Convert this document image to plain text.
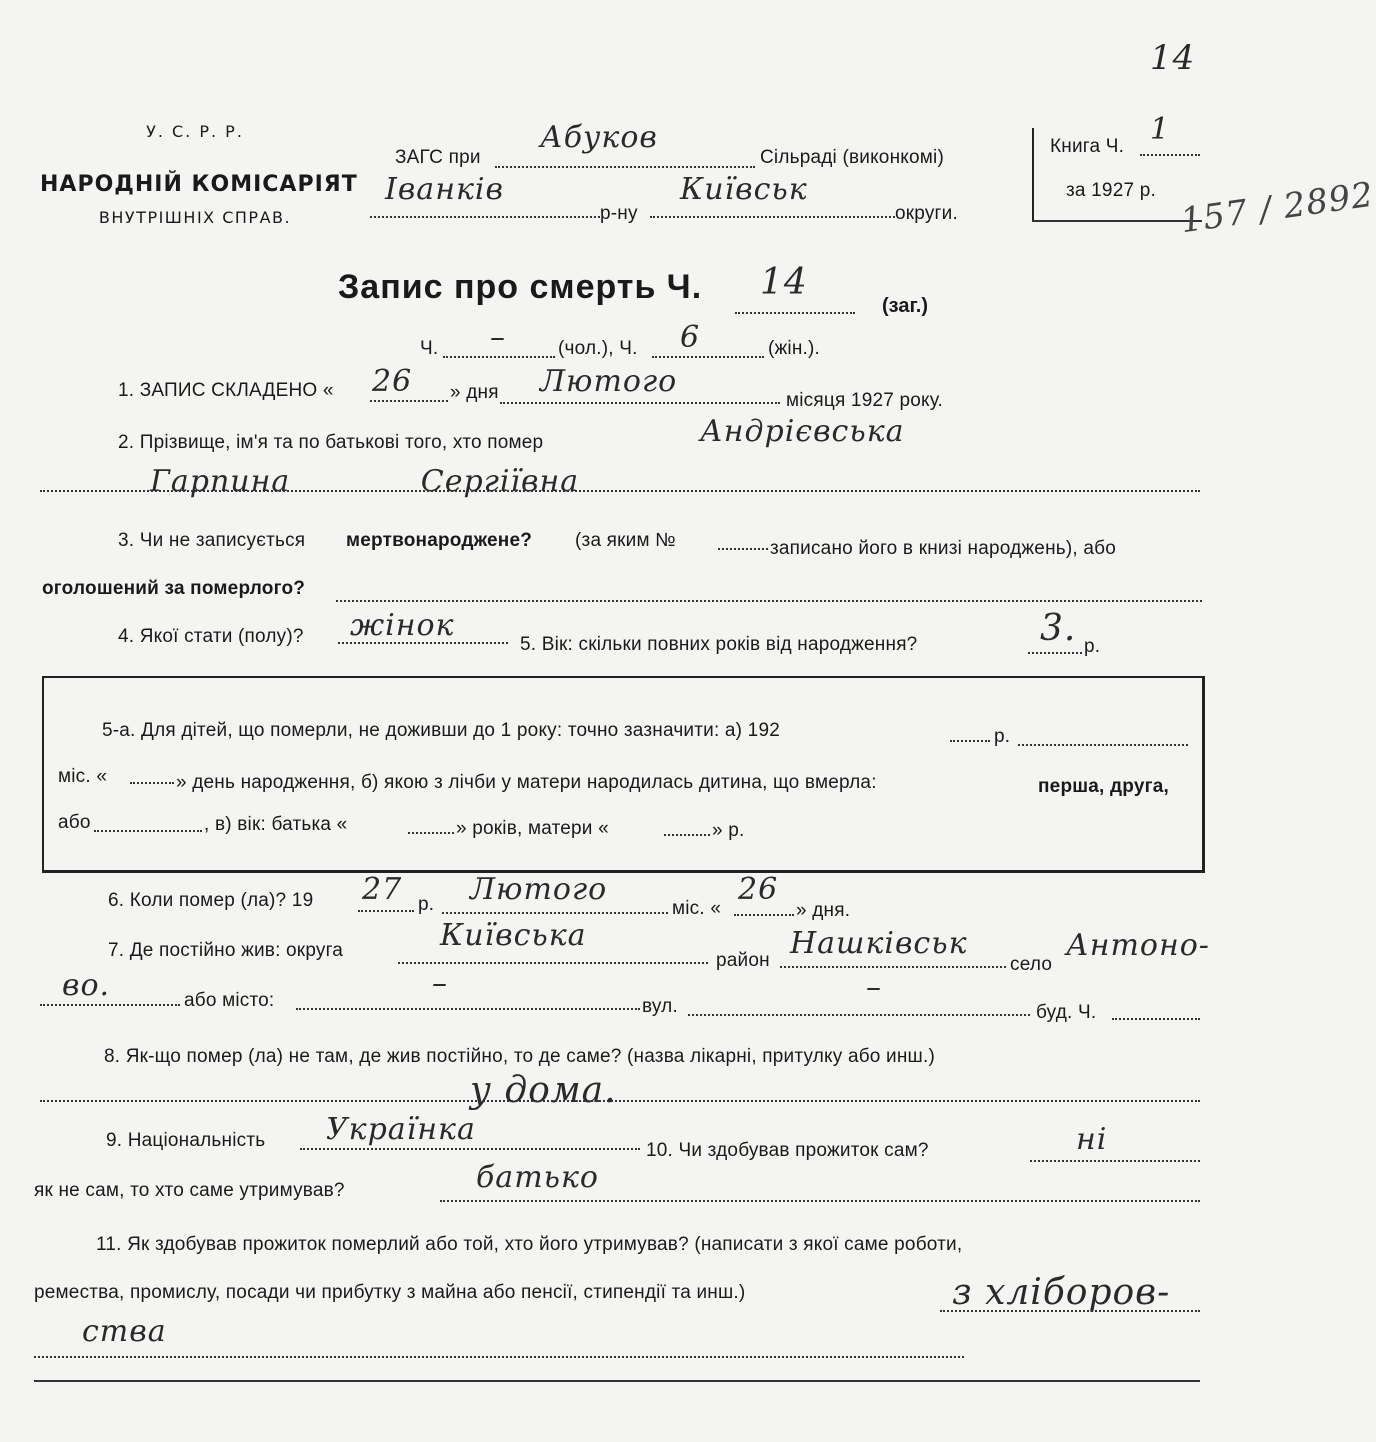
У. С. Р. Р.
НАРОДНІЙ КОМІСАРІЯТ
ВНУТРІШНІХ СПРАВ.
ЗАГС при
Абуков
Сільраді (виконкомі)
Іванків
р-ну
Київськ
округи.
Книга Ч. 1
за 1927 р.
14
157 / 2892
Запис про смерть Ч. 14
(заг.)
Ч. –	(чол.), Ч. 6	(жін.).
1. ЗАПИС СКЛАДЕНО « 26 » дня Лютого
місяця 1927 року.
2. Прізвище, ім'я та по батькові того, хто помер	Андрієвська
Гарпина Сергіївна
3. Чи не записується мертвонароджене? (за яким №	записано його в книзі народжень), або
оголошений за померлого?
4. Якої стати (полу)? жінок
5. Вік: скільки повних років від народження?	3. р.
5-а. Для дітей, що померли, не доживши до 1 року: точно зазначити: а) 192	р.
міс. «	» день народження, б) якою з лічби у матери народилась дитина, що вмерла:	перша, друга,
або	, в) вік: батька «	» років, матери «	» р.
6. Коли помер (ла)? 19 27 р. Лютого
міс. «
26
» дня.
7. Де постійно жив: округа	Київська
район Нашківськ
село
Антоно-
во.	або місто:	–
вул.
–
буд. Ч.
8. Як-що помер (ла) не там, де жив постійно, то де саме? (назва лікарні, притулку або инш.)
у дома.
9. Національність Українка
10. Чи здобував прожиток сам?	ні
як не сам, то хто саме утримував?	батько
11. Як здобував прожиток померлий або той, хто його утримував? (написати з якої саме роботи,
ремества, промислу, посади чи прибутку з майна або пенсії, стипендії та инш.)	з хліборов-
ства
